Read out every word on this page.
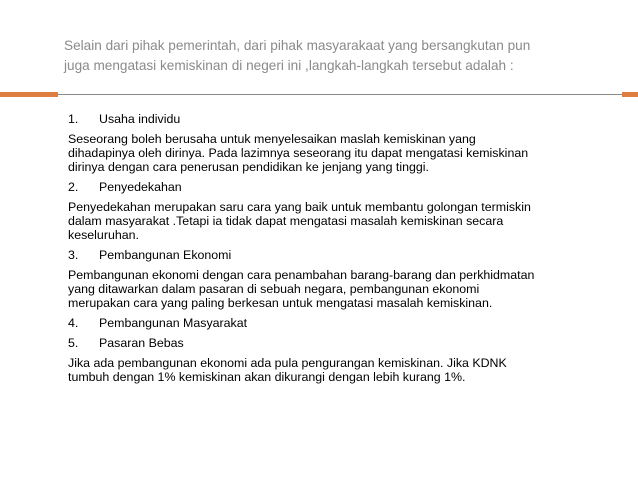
Selain dari pihak pemerintah, dari pihak masyarakaat yang bersangkutan pun
juga mengatasi kemiskinan di negeri ini ,langkah-langkah tersebut adalah :
1.	Usaha individu
Seseorang boleh berusaha untuk menyelesaikan maslah kemiskinan yang
dihadapinya oleh dirinya. Pada lazimnya seseorang itu dapat mengatasi kemiskinan
dirinya dengan cara penerusan pendidikan ke jenjang yang tinggi.
2.	Penyedekahan
Penyedekahan merupakan saru cara yang baik untuk membantu golongan termiskin
dalam masyarakat .Tetapi ia tidak dapat mengatasi masalah kemiskinan secara
keseluruhan.
3.	Pembangunan Ekonomi
Pembangunan ekonomi dengan cara penambahan barang-barang dan perkhidmatan
yang ditawarkan dalam pasaran di sebuah negara, pembangunan ekonomi
merupakan cara yang paling berkesan untuk mengatasi masalah kemiskinan.
4.	Pembangunan Masyarakat
5.	Pasaran Bebas
Jika ada pembangunan ekonomi ada pula pengurangan kemiskinan. Jika KDNK
tumbuh dengan 1% kemiskinan akan dikurangi dengan lebih kurang 1%.
